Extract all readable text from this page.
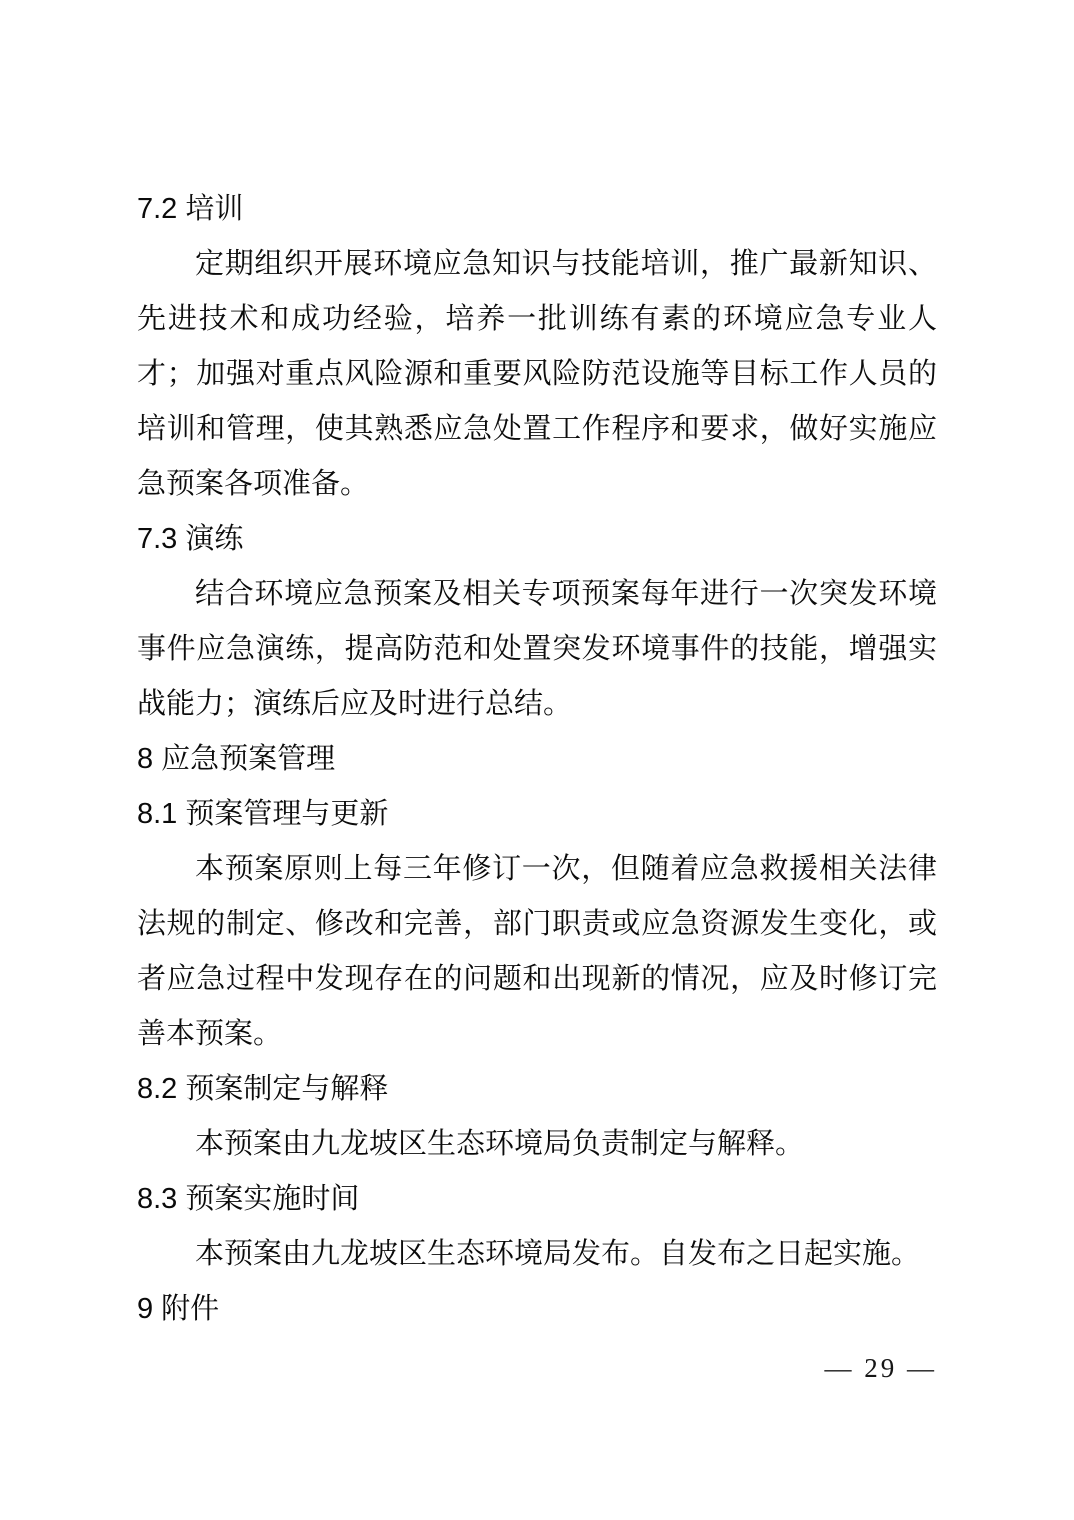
7.2 培训

定期组织开展环境应急知识与技能培训，推广最新知识、先进技术和成功经验，培养一批训练有素的环境应急专业人才；加强对重点风险源和重要风险防范设施等目标工作人员的培训和管理，使其熟悉应急处置工作程序和要求，做好实施应急预案各项准备。

7.3 演练

结合环境应急预案及相关专项预案每年进行一次突发环境事件应急演练，提高防范和处置突发环境事件的技能，增强实战能力；演练后应及时进行总结。

8 应急预案管理
8.1 预案管理与更新

本预案原则上每三年修订一次，但随着应急救援相关法律法规的制定、修改和完善，部门职责或应急资源发生变化，或者应急过程中发现存在的问题和出现新的情况，应及时修订完善本预案。

8.2 预案制定与解释

本预案由九龙坡区生态环境局负责制定与解释。

8.3 预案实施时间

本预案由九龙坡区生态环境局发布。自发布之日起实施。

9 附件
— 29 —
